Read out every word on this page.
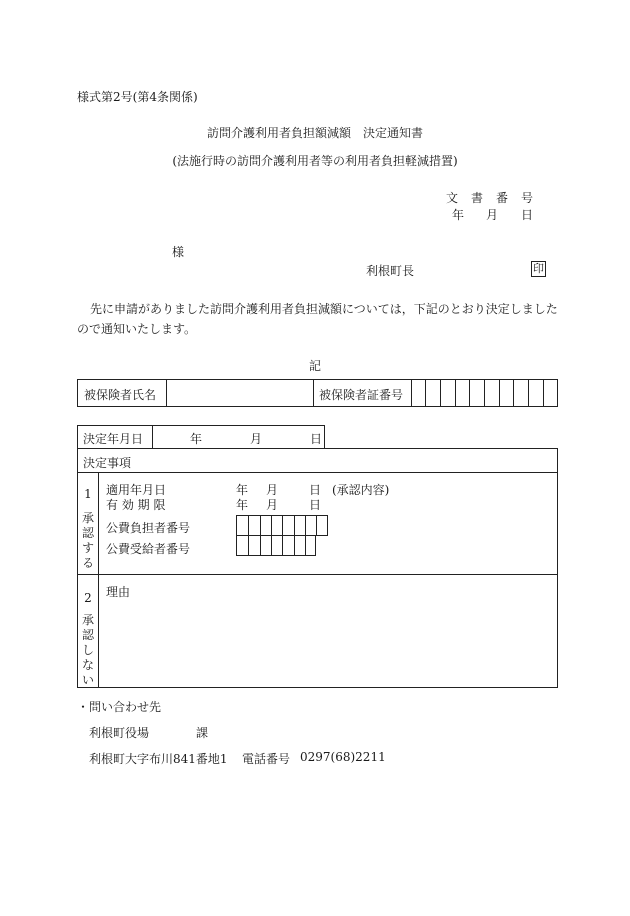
様式第2号(第4条関係)
訪問介護利用者負担額減額　決定通知書
(法施行時の訪問介護利用者等の利用者負担軽減措置)
文 書 番 号
年 月 日
様
利根町長	印
先に申請がありました訪問介護利用者負担減額については，下記のとおり決定しました
ので通知いたします。
記
被保険者氏名	被保険者証番号
決定年月日	年	月	日
決定事項
1
承
認
す
る
適用年月日	年 月	日 (承認内容)
有 効 期 限	年 月	日
公費負担者番号
公費受給者番号
2
承
認
し
な
い
理由
・問い合わせ先
利根町役場	課
利根町大字布川841番地1 電話番号 0297(68)2211
